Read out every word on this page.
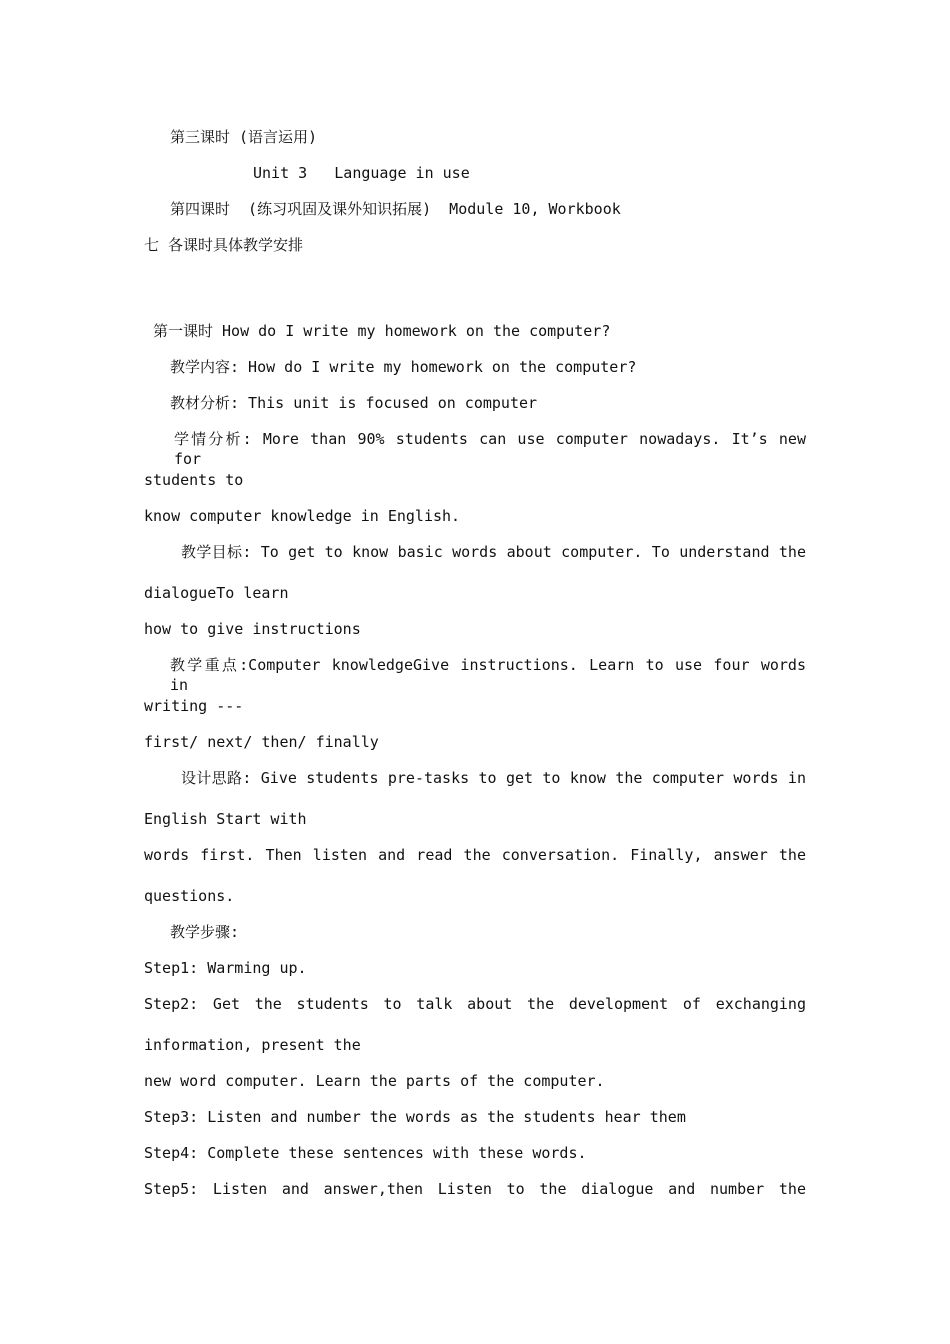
第三课时 (语言运用)
Unit 3   Language in use
第四课时  (练习巩固及课外知识拓展)  Module 10, Workbook
七 各课时具体教学安排
第一课时 How do I write my homework on the computer?
教学内容: How do I write my homework on the computer?
教材分析: This unit is focused on computer
学情分析: More than 90% students can use computer nowadays. It’s new for
students to
know computer knowledge in English.
教学目标: To get to know basic words about computer. To understand the
dialogueTo learn
how to give instructions
教学重点:Computer knowledgeGive instructions. Learn to use four words in
writing ---
first/ next/ then/ finally
设计思路: Give students pre-tasks to get to know the computer words in
English Start with
words first. Then listen and read the conversation. Finally, answer the
questions.
教学步骤:
Step1: Warming up.
Step2: Get the students to talk about the development of exchanging
information, present the
new word computer. Learn the parts of the computer.
Step3: Listen and number the words as the students hear them
Step4: Complete these sentences with these words.
Step5: Listen and answer,then Listen to the dialogue and number the
